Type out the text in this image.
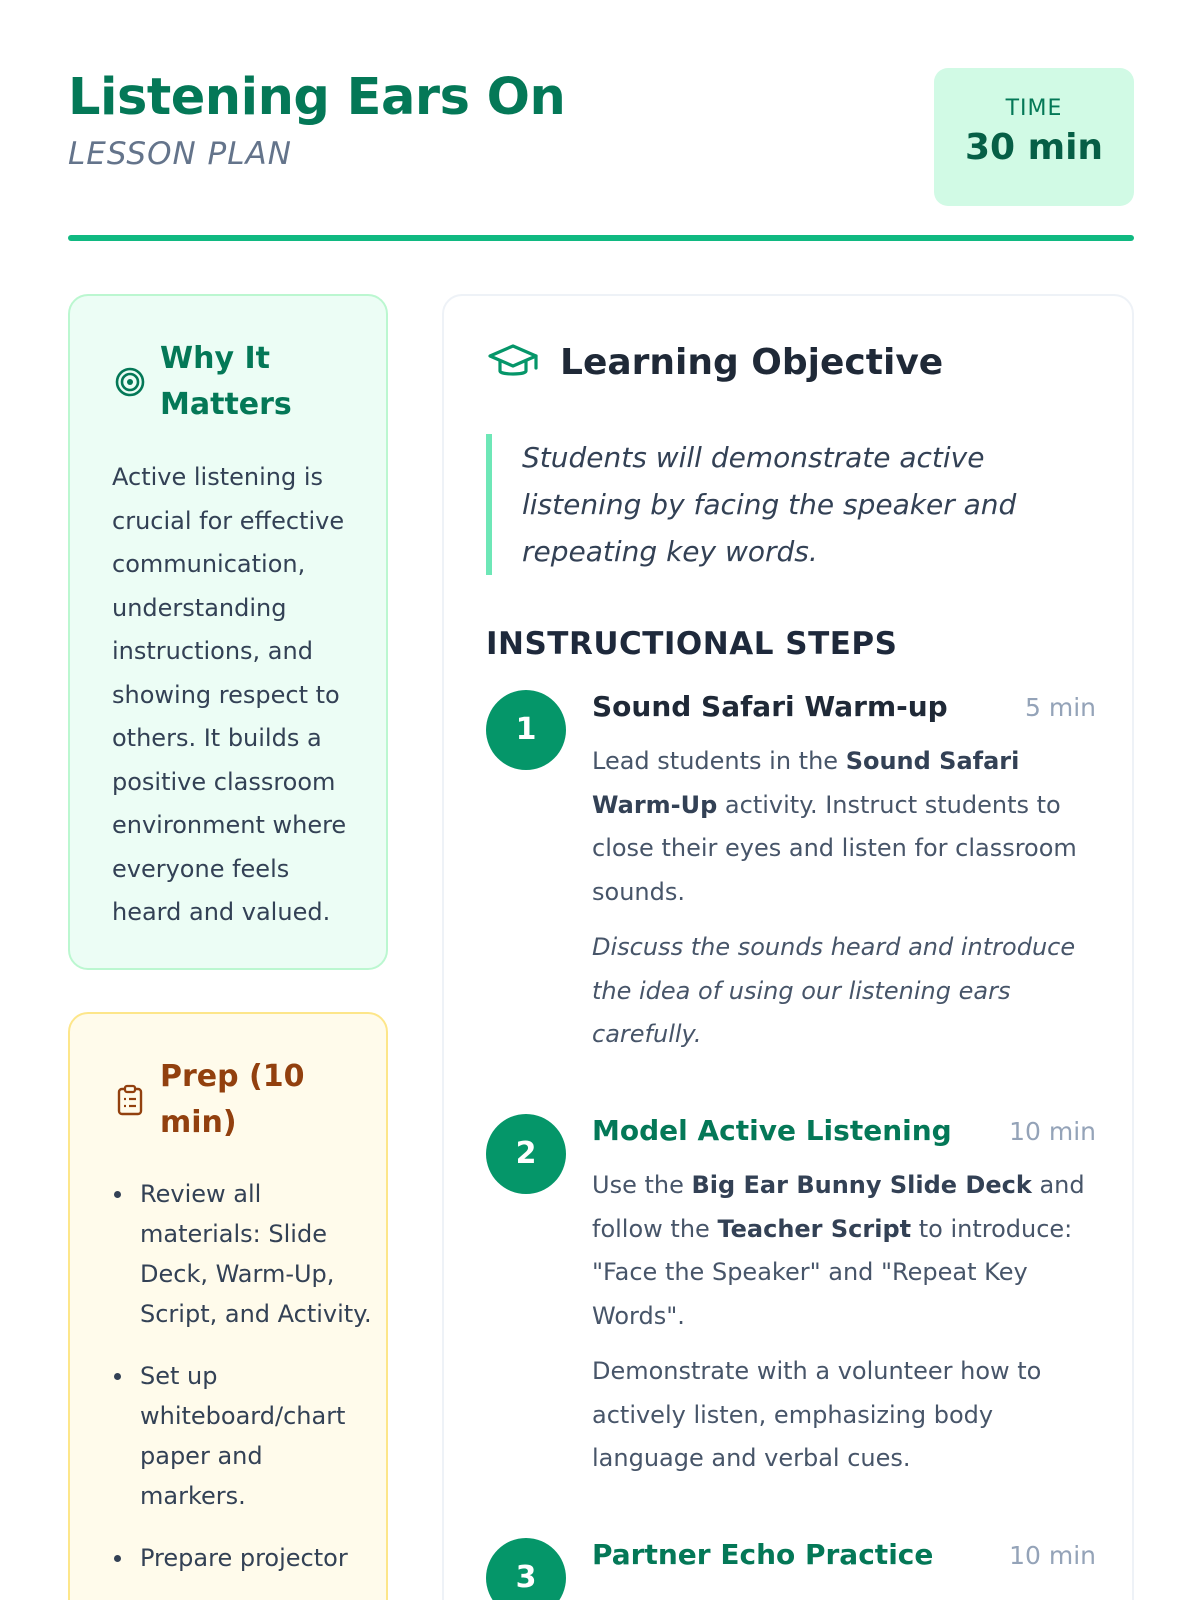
Listening Ears On
LESSON PLAN
TIME
30 min
Why It Matters

Active listening is crucial for effective communication, understanding instructions, and showing respect to others. It builds a positive classroom environment where everyone feels heard and valued.

Prep (10 min)
Review all materials: Slide Deck, Warm-Up, Script, and Activity.
Set up whiteboard/chart paper and markers.
Prepare projector
Learning Objective
Students will demonstrate active listening by facing the speaker and repeating key words.
INSTRUCTIONAL STEPS
1
Sound Safari Warm-up	5 min

Lead students in the Sound Safari Warm-Up activity. Instruct students to close their eyes and listen for classroom sounds.

Discuss the sounds heard and introduce the idea of using our listening ears carefully.

2
Model Active Listening 10 min

Use the Big Ear Bunny Slide Deck and follow the Teacher Script to introduce: "Face the Speaker" and "Repeat Key Words".

Demonstrate with a volunteer how to actively listen, emphasizing body language and verbal cues.

3
Partner Echo Practice	10 min
